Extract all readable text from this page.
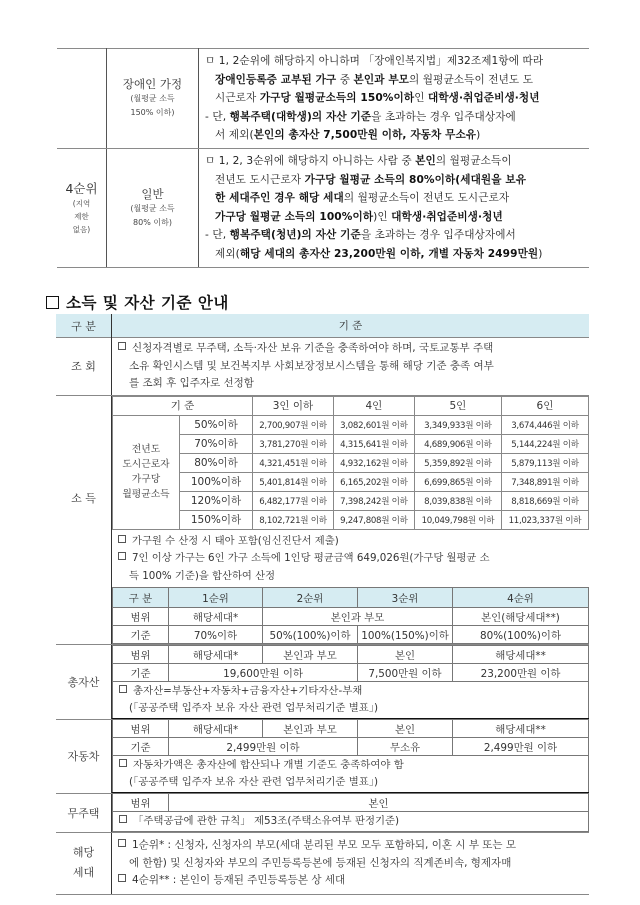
장애인 가정
(월평균 소득
150% 이하)

ㅁ 1, 2순위에 해당하지 아니하며 「장애인복지법」제32조제1항에 따라
장애인등록증 교부된 가구 중 본인과 부모의 월평균소득이 전년도 도
시근로자 가구당 월평균소득의 150%이하인 대학생·취업준비생·청년
- 단, 행복주택(대학생)의 자산 기준을 초과하는 경우 입주대상자에
서 제외(본인의 총자산 7,500만원 이하, 자동차 무소유)

4순위
(지역 제한 없음)

일반
(월평균 소득
80% 이하)

ㅁ 1, 2, 3순위에 해당하지 아니하는 사람 중 본인의 월평균소득이
전년도 도시근로자 가구당 월평균 소득의 80%이하(세대원을 보유
한 세대주인 경우 해당 세대의 월평균소득이 전년도 도시근로자
가구당 월평균 소득의 100%이하)인 대학생·취업준비생·청년
- 단, 행복주택(청년)의 자산 기준을 초과하는 경우 입주대상자에서
제외(해당 세대의 총자산 23,200만원 이하, 개별 자동차 2499만원)
소득 및 자산 기준 안내
구 분	기 준
조 회	
신청자격별로 무주택, 소득·자산 보유 기준을 충족하여야 하며, 국토교통부 주택
소유 확인시스템 및 보건복지부 사회보장정보시스템을 통해 해당 기준 충족 여부
를 조회 후 입주자로 선정함

소 득

기 준	3인 이하	4인	5인	6인

전년도
도시근로자
가구당
월평균소득
	50%이하	2,700,907원 이하	3,082,601원 이하	3,349,933원 이하	3,674,446원 이하
70%이하	3,781,270원 이하	4,315,641원 이하	4,689,906원 이하	5,144,224원 이하
80%이하	4,321,451원 이하	4,932,162원 이하	5,359,892원 이하	5,879,113원 이하
100%이하	5,401,814원 이하	6,165,202원 이하	6,699,865원 이하	7,348,891원 이하
120%이하	6,482,177원 이하	7,398,242원 이하	8,039,838원 이하	8,818,669원 이하
150%이하	8,102,721원 이하	9,247,808원 이하	10,049,798원 이하	11,023,337원 이하
가구원 수 산정 시 태아 포함(임신진단서 제출)
7인 이상 가구는 6인 가구 소득에 1인당 평균금액 649,026원(가구당 월평균 소
득 100% 기준)을 합산하여 산정
구 분	1순위	2순위	3순위	4순위
범위	해당세대*	본인과 부모	본인(해당세대**)
기준	70%이하	50%(100%)이하	100%(150%)이하	80%(100%)이하

총자산	
범위	해당세대*	본인과 부모	본인	해당세대**
기준	19,600만원 이하	7,500만원 이하	23,200만원 이하

총자산=부동산+자동차+금융자산+기타자산-부채
(「공공주택 입주자 보유 자산 관련 업무처리기준 별표」)

자동차	
범위	해당세대*	본인과 부모	본인	해당세대**
기준	2,499만원 이하	무소유	2,499만원 이하

자동차가액은 총자산에 합산되나 개별 기준도 충족하여야 함
(「공공주택 입주자 보유 자산 관련 업무처리기준 별표」)

무주택	
범위	본인
「주택공급에 관한 규칙」 제53조(주택소유여부 판정기준)

해당
세대

1순위* : 신청자, 신청자의 부모(세대 분리된 부모 모두 포함하되, 이혼 시 부 또는 모
에 한함) 및 신청자와 부모의 주민등록등본에 등재된 신청자의 직계존비속, 형제자매
4순위** : 본인이 등재된 주민등록등본 상 세대
